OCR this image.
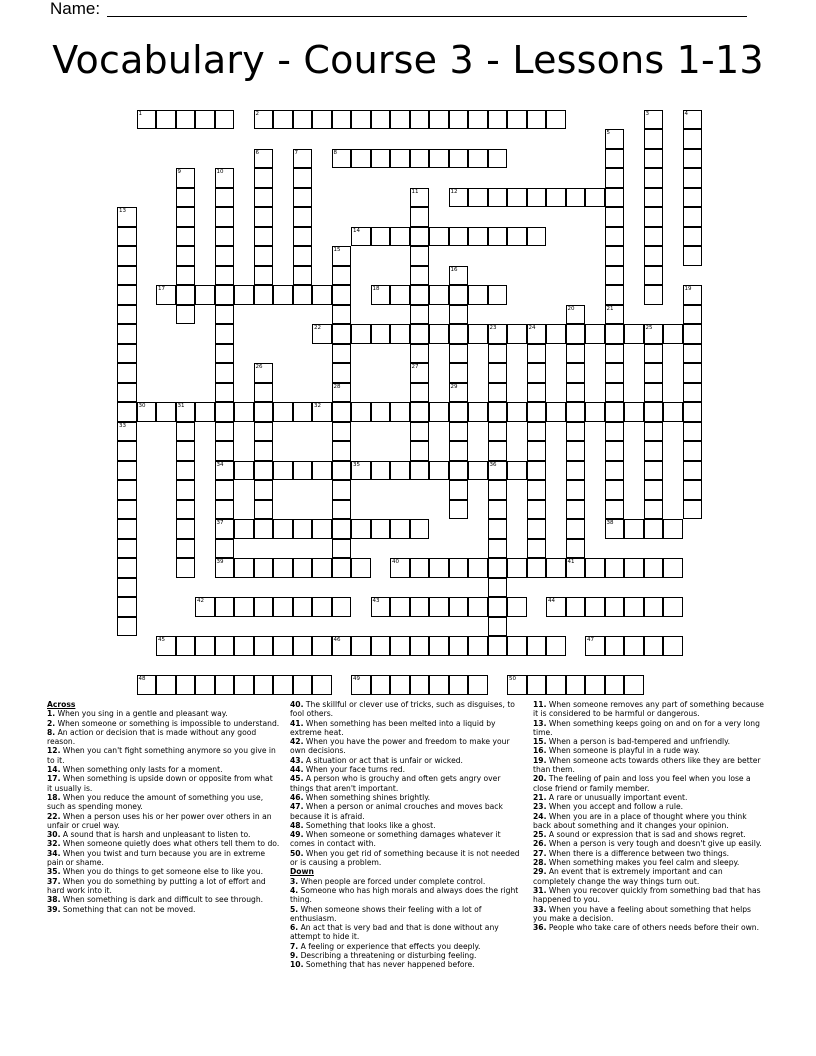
Name:
Vocabulary - Course 3 - Lessons 1-13
1	2	3	4
5
21
6	7	8
9	10
34
37
11
27
12
13
33
14
15
16
29
17	18	19
20
41
38
22	23	24	25
36
26
28
30	31	32
35
39	40
42	43	44
45	46	47
48	49	50
Across
1. When you sing in a gentle and pleasant way.
2. When someone or something is impossible to understand.
8. An action or decision that is made without any good reason.
12. When you can't fight something anymore so you give in to it.
14. When something only lasts for a moment.
17. When something is upside down or opposite from what it usually is.
18. When you reduce the amount of something you use, such as spending money.
22. When a person uses his or her power over others in an unfair or cruel way.
30. A sound that is harsh and unpleasant to listen to.
32. When someone quietly does what others tell them to do.
34. When you twist and turn because you are in extreme pain or shame.
35. When you do things to get someone else to like you.
37. When you do something by putting a lot of effort and hard work into it.
38. When something is dark and difficult to see through.
39. Something that can not be moved.
40. The skillful or clever use of tricks, such as disguises, to fool others.
41. When something has been melted into a liquid by extreme heat.
42. When you have the power and freedom to make your own decisions.
43. A situation or act that is unfair or wicked.
44. When your face turns red.
45. A person who is grouchy and often gets angry over things that aren't important.
46. When something shines brightly.
47. When a person or animal crouches and moves back because it is afraid.
48. Something that looks like a ghost.
49. When someone or something damages whatever it comes in contact with.
50. When you get rid of something because it is not needed or is causing a problem.
Down
3. When people are forced under complete control.
4. Someone who has high morals and always does the right thing.
5. When someone shows their feeling with a lot of enthusiasm.
6. An act that is very bad and that is done without any attempt to hide it.
7. A feeling or experience that effects you deeply.
9. Describing a threatening or disturbing feeling.
10. Something that has never happened before.
11. When someone removes any part of something because it is considered to be harmful or dangerous.
13. When something keeps going on and on for a very long time.
15. When a person is bad-tempered and unfriendly.
16. When someone is playful in a rude way.
19. When someone acts towards others like they are better than them.
20. The feeling of pain and loss you feel when you lose a close friend or family member.
21. A rare or unusually important event.
23. When you accept and follow a rule.
24. When you are in a place of thought where you think back about something and it changes your opinion.
25. A sound or expression that is sad and shows regret.
26. When a person is very tough and doesn't give up easily.
27. When there is a difference between two things.
28. When something makes you feel calm and sleepy.
29. An event that is extremely important and can completely change the way things turn out.
31. When you recover quickly from something bad that has happened to you.
33. When you have a feeling about something that helps you make a decision.
36. People who take care of others needs before their own.
